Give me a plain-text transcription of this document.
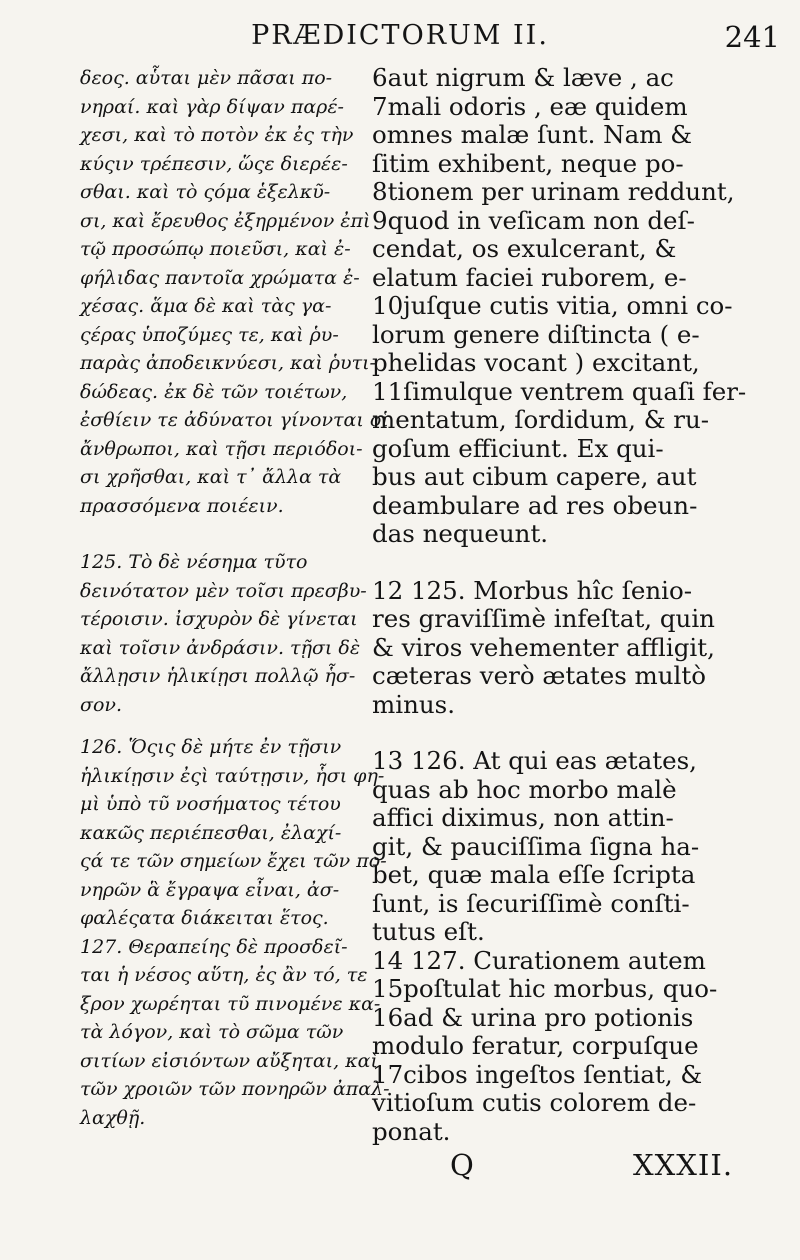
PRÆDICTORUM II.	241
δεος. αὗται μὲν πᾶσαι πο-
νηραί. καὶ γὰρ δίψαν παρέ-
χεσι, καὶ τὸ ποτὸν ἐκ ἐς τὴν
κύςιν τρέπεσιν, ὥςε διερέε-
σθαι. καὶ τὸ ςόμα ἑξελκῦ-
σι, καὶ ἔρευθος ἐξηρμένον ἐπὶ
τῷ προσώπῳ ποιεῦσι, καὶ ἐ-
φήλιδας παντοῖα χρώματα ἐ-
χέσας. ἅμα δὲ καὶ τὰς γα-
ςέρας ὑποζύμες τε, καὶ ῥυ-
παρὰς ἀποδεικνύεσι, καὶ ῥυτι-
δώδεας. ἐκ δὲ τῶν τοιέτων,
ἐσθίειν τε ἀδύνατοι γίνονται οἱ
ἄνθρωποι, καὶ τῇσι περιόδοι-
σι χρῆσθαι, καὶ τ᾽ ἄλλα τὰ
πρασσόμενα ποιέειν.
125. Τὸ δὲ νέσημα τῦτο
δεινότατον μὲν τοῖσι πρεσβυ-
τέροισιν. ἰσχυρὸν δὲ γίνεται
καὶ τοῖσιν ἀνδράσιν. τῇσι δὲ
ἄλλῃσιν ἡλικίῃσι πολλῷ ἧσ-
σον.
126. Ὅςις δὲ μήτε ἐν τῇσιν
ἡλικίῃσιν ἐςὶ ταύτῃσιν, ἧσι φη-
μὶ ὑπὸ τῦ νοσήματος τέτου
κακῶς περιέπεσθαι, ἐλαχί-
ςά τε τῶν σημείων ἔχει τῶν πο-
νηρῶν ἃ ἔγραψα εἶναι, ἀσ-
φαλέςατα διάκειται ἕτος.
127. Θεραπείης δὲ προσδεῖ-
ται ἡ νέσος αὕτη, ἐς ἂν τό, τε
ξρον χωρέηται τῦ πινομένε κα-
τὰ λόγον, καὶ τὸ σῶμα τῶν
σιτίων εἰσιόντων αὔξηται, καὶ
τῶν χροιῶν τῶν πονηρῶν ἀπαλ-
λαχθῇ.
6aut nigrum & læve , ac
7mali odoris , eæ quidem
omnes malæ ſunt. Nam &
ſitim exhibent, neque po-
8tionem per urinam reddunt,
9quod in veſicam non deſ-
cendat, os exulcerant, &
elatum faciei ruborem, e-
10juſque cutis vitia, omni co-
lorum genere diſtincta ( e-
phelidas vocant ) excitant,
11ſimulque ventrem quaſi fer-
mentatum, ſordidum, & ru-
goſum efficiunt. Ex qui-
bus aut cibum capere, aut
deambulare ad res obeun-
das nequeunt.
12 125. Morbus hîc ſenio-
res graviſſimè infeſtat, quin
& viros vehementer affligit,
cæteras verò ætates multò
minus.
13 126. At qui eas ætates,
quas ab hoc morbo malè
affici diximus, non attin-
git, & pauciſſima ſigna ha-
bet, quæ mala eſſe ſcripta
ſunt, is ſecuriſſimè conſti-
tutus eſt.
14 127. Curationem autem
15poſtulat hic morbus, quo-
16ad & urina pro potionis
modulo feratur, corpuſque
17cibos ingeſtos ſentiat, &
vitioſum cutis colorem de-
ponat.
Q	XXXII.
